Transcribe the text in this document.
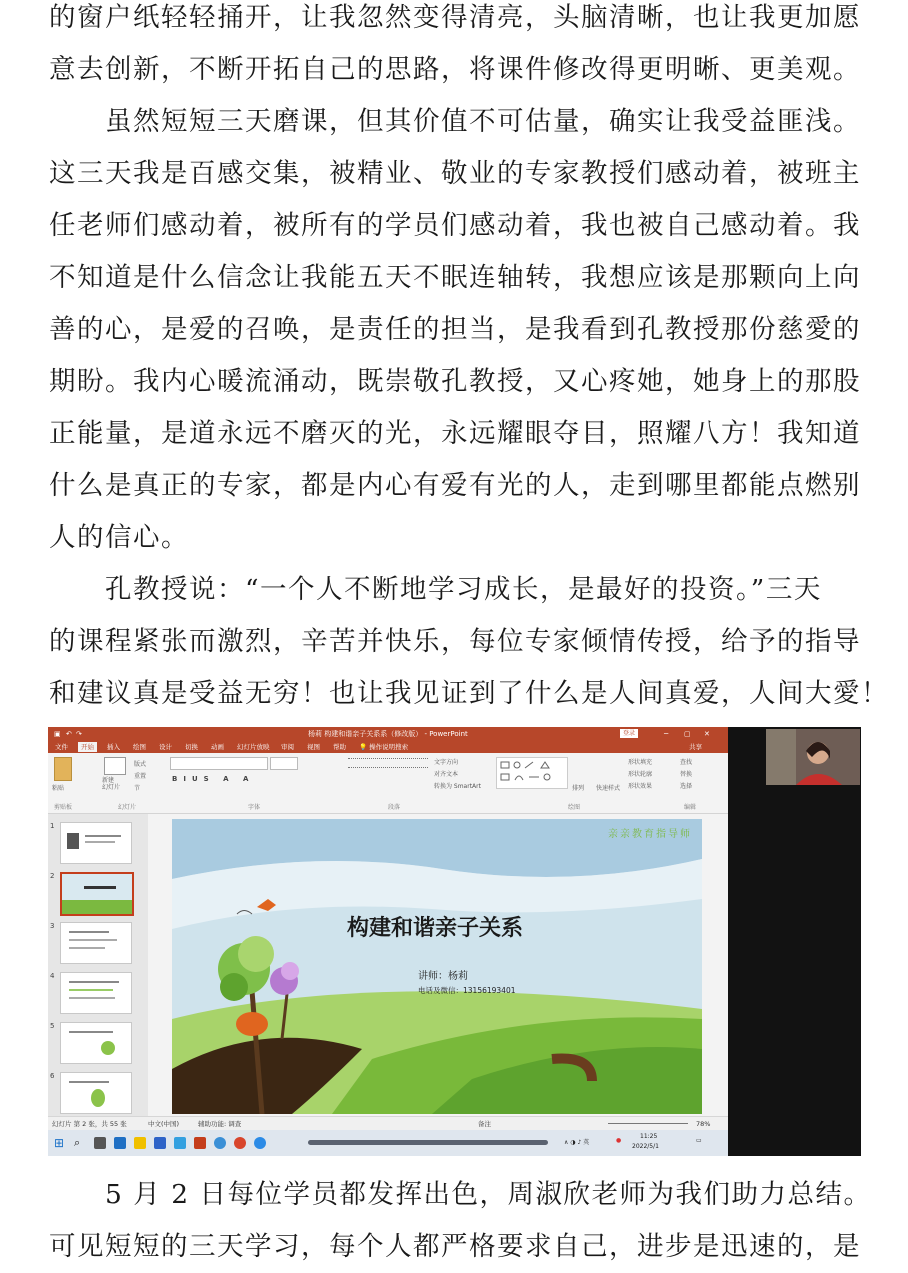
的窗户纸轻轻捅开，让我忽然变得清亮，头脑清晰，也让我更加愿
意去创新，不断开拓自己的思路，将课件修改得更明晰、更美观。
　　虽然短短三天磨课，但其价值不可估量，确实让我受益匪浅。
这三天我是百感交集，被精业、敬业的专家教授们感动着，被班主
任老师们感动着，被所有的学员们感动着，我也被自己感动着。我
不知道是什么信念让我能五天不眠连轴转，我想应该是那颗向上向
善的心，是爱的召唤，是责任的担当，是我看到孔教授那份慈愛的
期盼。我内心暖流涌动，既崇敬孔教授，又心疼她，她身上的那股
正能量，是道永远不磨灭的光，永远耀眼夺目，照耀八方！我知道
什么是真正的专家，都是内心有爱有光的人，走到哪里都能点燃别
人的信心。
　　孔教授说：“一个人不断地学习成长，是最好的投资。”三天
的课程紧张而激烈，辛苦并快乐，每位专家倾情传授，给予的指导
和建议真是受益无穷！也让我见证到了什么是人间真爱，人间大愛！
▣ ↶ ↷	杨莉 构建和谐亲子关系系（修改版） - PowerPoint	登录	─ ▢ ✕
文件	开始	插入	绘图	设计	切换	动画	幻灯片放映	审阅	视图	帮助	💡 操作说明搜索	共享
粘贴
新建
幻灯片
版式
重置
节
BIUS A A
文字方向
对齐文本
转换为 SmartArt	排列 快速样式
形状填充
形状轮廓
形状效果
查找
替换
选择
剪贴板	幻灯片	字体	段落	绘图	编辑
1
2
3
4
5
6
亲亲教育指导师
构建和谐亲子关系
讲师：杨莉
电话及微信：13156193401
幻灯片 第 2 张，共 55 张	中文(中国)	辅助功能: 调查	备注	78%
⊞ ⌕	∧ ◑ ♪ 英	●
11:25
2022/5/1
▭
　　5 月 2 日每位学员都发挥出色，周淑欣老师为我们助力总结。
可见短短的三天学习，每个人都严格要求自己，进步是迅速的，是
